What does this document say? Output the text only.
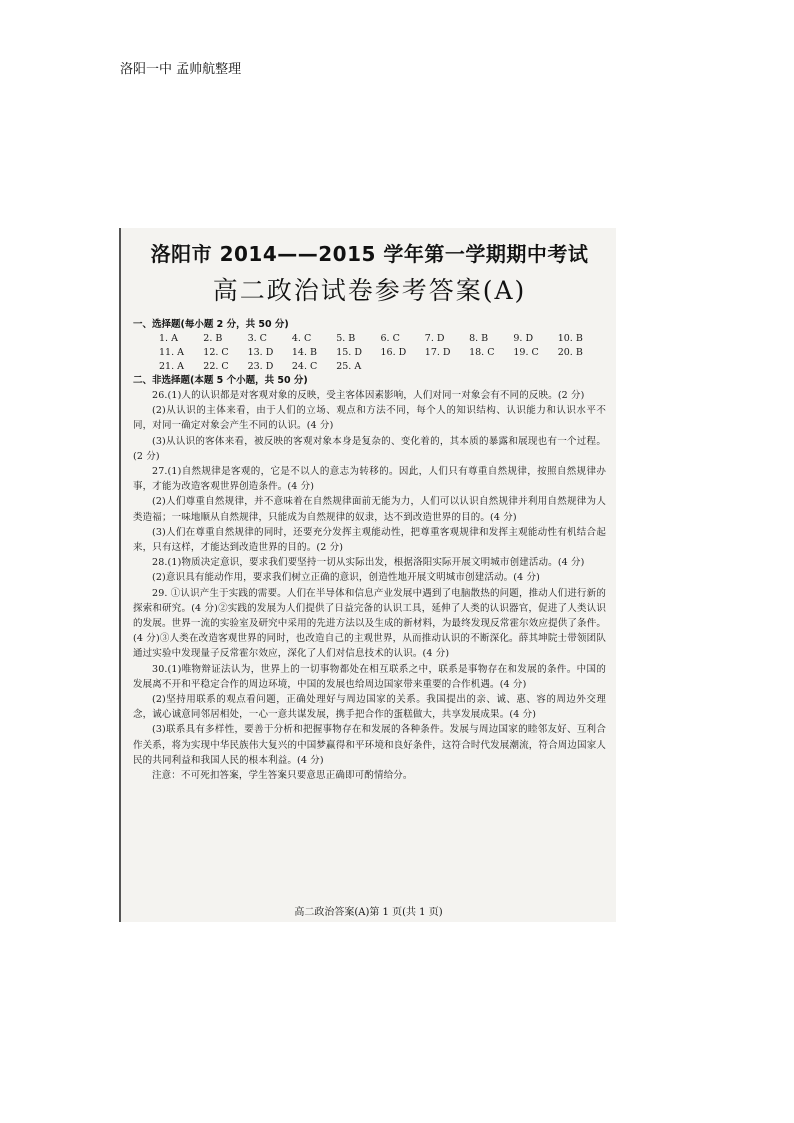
洛阳一中 孟帅航整理
洛阳市 2014——2015 学年第一学期期中考试
高二政治试卷参考答案(A)
一、选择题(每小题 2 分，共 50 分)
1. A	2. B	3. C	4. C	5. B	6. C	7. D	8. B	9. D	10. B
11. A	12. C	13. D	14. B	15. D	16. D	17. D	18. C	19. C	20. B
21. A	22. C	23. D	24. C	25. A
二、非选择题(本题 5 个小题，共 50 分)

26.(1)人的认识都是对客观对象的反映，受主客体因素影响，人们对同一对象会有不同的反映。(2 分)

(2)从认识的主体来看，由于人们的立场、观点和方法不同，每个人的知识结构、认识能力和认识水平不同，对同一确定对象会产生不同的认识。(4 分)

(3)从认识的客体来看，被反映的客观对象本身是复杂的、变化着的，其本质的暴露和展现也有一个过程。(2 分)

27.(1)自然规律是客观的，它是不以人的意志为转移的。因此，人们只有尊重自然规律，按照自然规律办事，才能为改造客观世界创造条件。(4 分)

(2)人们尊重自然规律，并不意味着在自然规律面前无能为力，人们可以认识自然规律并利用自然规律为人类造福；一味地顺从自然规律，只能成为自然规律的奴隶，达不到改造世界的目的。(4 分)

(3)人们在尊重自然规律的同时，还要充分发挥主观能动性，把尊重客观规律和发挥主观能动性有机结合起来，只有这样，才能达到改造世界的目的。(2 分)

28.(1)物质决定意识，要求我们要坚持一切从实际出发，根据洛阳实际开展文明城市创建活动。(4 分)

(2)意识具有能动作用，要求我们树立正确的意识，创造性地开展文明城市创建活动。(4 分)

29. ①认识产生于实践的需要。人们在半导体和信息产业发展中遇到了电脑散热的问题，推动人们进行新的探索和研究。(4 分)②实践的发展为人们提供了日益完备的认识工具，延伸了人类的认识器官，促进了人类认识的发展。世界一流的实验室及研究中采用的先进方法以及生成的新材料，为最终发现反常霍尔效应提供了条件。(4 分)③人类在改造客观世界的同时，也改造自己的主观世界，从而推动认识的不断深化。薛其坤院士带领团队通过实验中发现量子反常霍尔效应，深化了人们对信息技术的认识。(4 分)

30.(1)唯物辩证法认为，世界上的一切事物都处在相互联系之中，联系是事物存在和发展的条件。中国的发展离不开和平稳定合作的周边环境，中国的发展也给周边国家带来重要的合作机遇。(4 分)

(2)坚持用联系的观点看问题，正确处理好与周边国家的关系。我国提出的亲、诚、惠、容的周边外交理念，诚心诚意同邻居相处，一心一意共谋发展，携手把合作的蛋糕做大，共享发展成果。(4 分)

(3)联系具有多样性，要善于分析和把握事物存在和发展的各种条件。发展与周边国家的睦邻友好、互利合作关系，将为实现中华民族伟大复兴的中国梦赢得和平环境和良好条件，这符合时代发展潮流，符合周边国家人民的共同利益和我国人民的根本利益。(4 分)

注意：不可死扣答案，学生答案只要意思正确即可酌情给分。

高二政治答案(A)第 1 页(共 1 页)
